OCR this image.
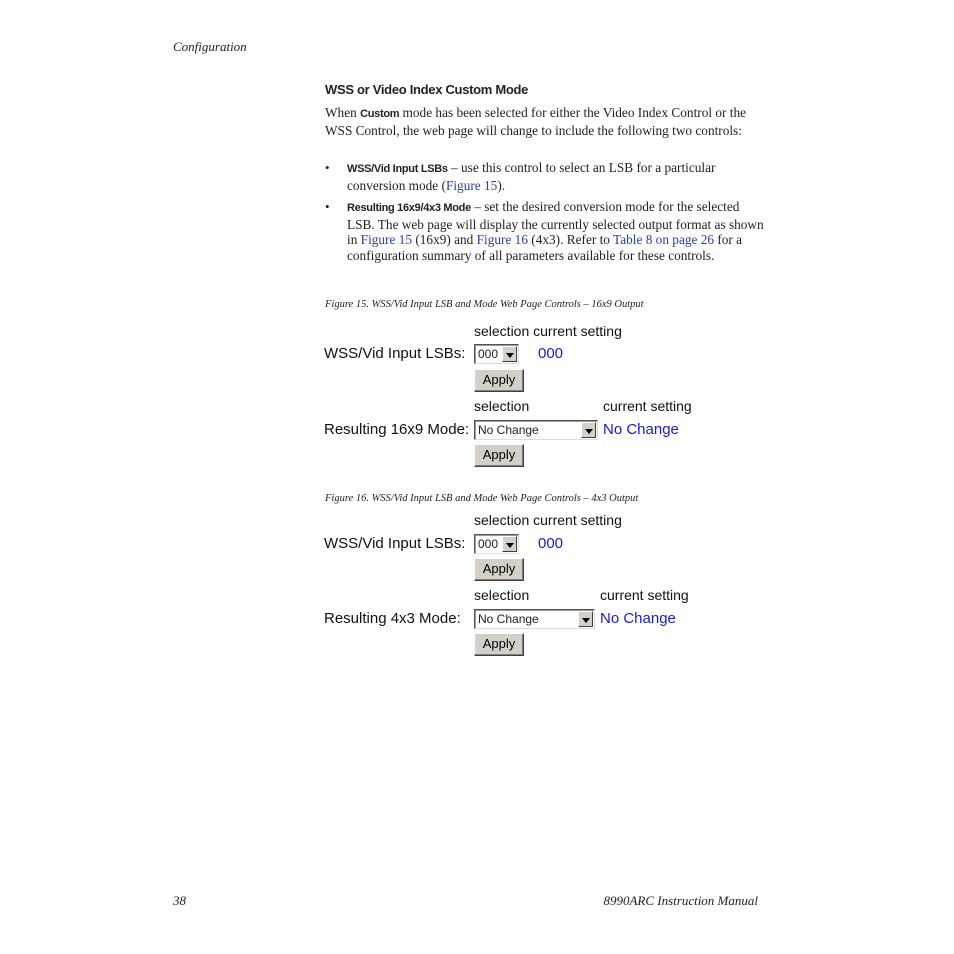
Configuration
WSS or Video Index Custom Mode
When Custom mode has been selected for either the Video Index Control or the WSS Control, the web page will change to include the following two controls:
• WSS/Vid Input LSBs – use this control to select an LSB for a particular conversion mode (Figure 15).
• Resulting 16x9/4x3 Mode – set the desired conversion mode for the selected LSB. The web page will display the currently selected output format as shown in Figure 15 (16x9) and Figure 16 (4x3). Refer to Table 8 on page 26 for a configuration summary of all parameters available for these controls.
Figure 15. WSS/Vid Input LSB and Mode Web Page Controls – 16x9 Output
selection current setting
WSS/Vid Input LSBs: 000	000
Apply
selection	current setting
Resulting 16x9 Mode: No Change	No Change
Apply
Figure 16. WSS/Vid Input LSB and Mode Web Page Controls – 4x3 Output
selection current setting
WSS/Vid Input LSBs: 000	000
Apply
selection	current setting
Resulting 4x3 Mode: No Change	No Change
Apply
38	8990ARC Instruction Manual
